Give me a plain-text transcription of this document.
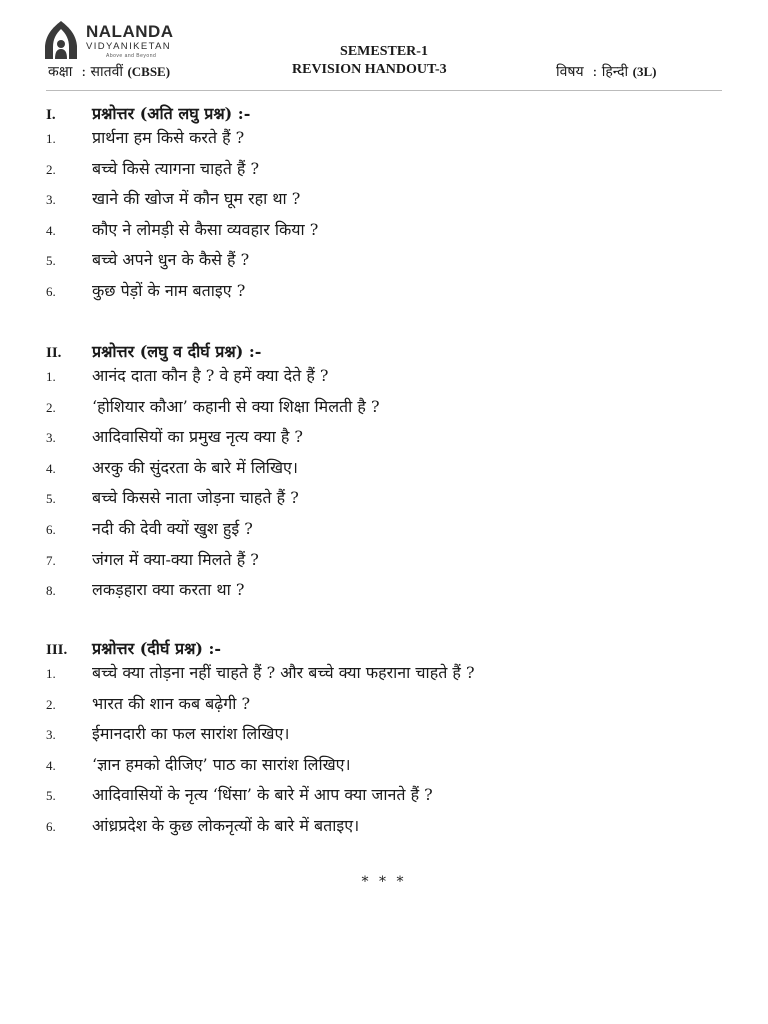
NALANDA
VIDYANIKETAN
Above and Beyond	SEMESTER-1
कक्षा : सातवीं (CBSE)	REVISION HANDOUT-3	विषय : हिन्दी (3L)
I.	प्रश्नोत्तर (अति लघु प्रश्न) :-
1.	प्रार्थना हम किसे करते हैं ?
2.	बच्चे किसे त्यागना चाहते हैं ?
3.	खाने की खोज में कौन घूम रहा था ?
4.	कौए ने लोमड़ी से कैसा व्यवहार किया ?
5.	बच्चे अपने धुन के कैसे हैं ?
6.	कुछ पेड़ों के नाम बताइए ?
II.	प्रश्नोत्तर (लघु व दीर्घ प्रश्न) :-
1.	आनंद दाता कौन है ? वे हमें क्या देते हैं ?
2.	‘होशियार कौआ’ कहानी से क्या शिक्षा मिलती है ?
3.	आदिवासियों का प्रमुख नृत्य क्या है ?
4.	अरकु की सुंदरता के बारे में लिखिए।
5.	बच्चे किससे नाता जोड़ना चाहते हैं ?
6.	नदी की देवी क्यों खुश हुई ?
7.	जंगल में क्या-क्या मिलते हैं ?
8.	लकड़हारा क्या करता था ?
III.	प्रश्नोत्तर (दीर्घ प्रश्न) :-
1.	बच्चे क्या तोड़ना नहीं चाहते हैं ? और बच्चे क्या फहराना चाहते हैं ?
2.	भारत की शान कब बढ़ेगी ?
3.	ईमानदारी का फल सारांश लिखिए।
4.	‘ज्ञान हमको दीजिए’ पाठ का सारांश लिखिए।
5.	आदिवासियों के नृत्य ‘धिंसा’ के बारे में आप क्या जानते हैं ?
6.	आंध्रप्रदेश के कुछ लोकनृत्यों के बारे में बताइए।
* * *
